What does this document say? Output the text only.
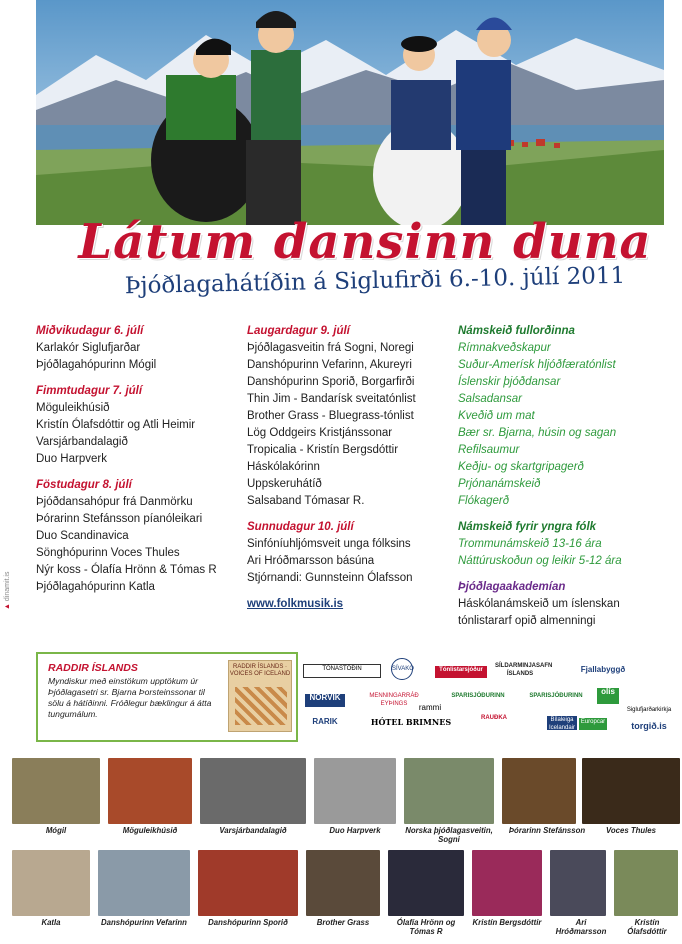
Látum dansinn duna
Þjóðlagahátíðin á Siglufirði 6.-10. júlí 2011
Miðvikudagur 6. júlí
Karlakór Siglufjarðar
Þjóðlagahópurinn Mógil
Fimmtudagur 7. júlí
Möguleikhúsið
Kristín Ólafsdóttir og Atli Heimir
Varsjárbandalagið
Duo Harpverk
Föstudagur 8. júlí
Þjóðdansahópur frá Danmörku
Þórarinn Stefánsson píanóleikari
Duo Scandinavica
Sönghópurinn Voces Thules
Nýr koss - Ólafía Hrönn & Tómas R
Þjóðlagahópurinn Katla
Laugardagur 9. júlí
Þjóðlagasveitin frá Sogni, Noregi
Danshópurinn Vefarinn, Akureyri
Danshópurinn Sporið, Borgarfirði
Thin Jim - Bandarísk sveitatónlist
Brother Grass - Bluegrass-tónlist
Lög Oddgeirs Kristjánssonar
Tropicalia - Kristín Bergsdóttir
Háskólakórinn
Uppskeruhátíð
Salsaband Tómasar R.
Sunnudagur 10. júlí
Sinfóníuhljómsveit unga fólksins
Ari Hróðmarsson básúna
Stjórnandi: Gunnsteinn Ólafsson
www.folkmusik.is
Námskeið fullorðinna
Rímnakveðskapur
Suður-Amerísk hljóðfæratónlist
Íslenskir þjóðdansar
Salsadansar
Kveðið um mat
Bær sr. Bjarna, húsin og sagan
Refilsaumur
Keðju- og skartgripagerð
Prjónanámskeið
Flókagerð
Námskeið fyrir yngra fólk
Trommunámskeið 13-16 ára
Náttúruskoðun og leikir 5-12 ára
Þjóðlagaakademían
Háskólanámskeið um íslenskan
tónlistararf opið almenningi
▲ dinamit.is
RADDIR ÍSLANDS
Myndiskur með einstökum upptökum úr Þjóðlagasetri sr. Bjarna Þorsteinssonar til sölu á hátíðinni. Fróðlegur bæklingur á átta tungumálum.
RADDIR ÍSLANDS · VOICES OF ICELAND
TÓNASTÓÐIN	SÍVAKO	Tónlistarsjóður
SÍLDARMINJASAFN ÍSLANDS	Fjallabyggð
NORVIK	MENNINGARRÁÐ EYÞINGS	rammi
SPARISJÓÐURINN	SPARISJÓÐURINN	olís
Siglufjarðarkirkja
RARIK	HÓTEL BRIMNES	RAUÐKA	Bílaleiga Icelandair
Europcar	torgið.is
Mógil	Möguleikhúsið	Varsjárbandalagið	Duo Harpverk	Norska þjóðlagasveitin, Sogni
Þórarinn Stefánsson	Voces Thules
Katla	Danshópurinn Vefarinn	Danshópurinn Sporið	Brother Grass	Ólafía Hrönn og Tómas R
Kristín Bergsdóttir	Ari Hróðmarsson
Kristín Ólafsdóttir
